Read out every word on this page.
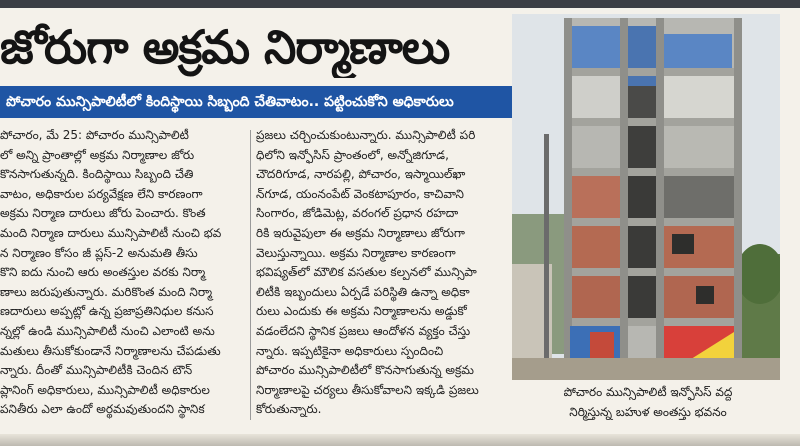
జోరుగా అక్రమ నిర్మాణాలు
పోచారం మున్సిపాలిటీలో కిందిస్థాయి సిబ్బంది చేతివాటం.. పట్టించుకోని అధికారులు

పోచారం, మే 25: పోచారం మున్సిపాలిటీ

లో అన్ని ప్రాంతాల్లో అక్రమ నిర్మాణాల జోరు

కొనసాగుతున్నది. కిందిస్థాయి సిబ్బంది చేతి

వాటం, అధికారుల పర్యవేక్షణ లేని కారణంగా

అక్రమ నిర్మాణ దారులు జోరు పెంచారు. కొంత

మంది నిర్మాణ దారులు మున్సిపాలిటీ నుంచి భవ

న నిర్మాణం కోసం జీ ప్లస్-2 అనుమతి తీసు

కొని ఐదు నుంచి ఆరు అంతస్తుల వరకు నిర్మా

ణాలు జరుపుతున్నారు. మరికొంత మంది నిర్మా

ణదారులు అప్పట్లో ఉన్న ప్రజాప్రతినిధుల కనుస

న్నల్లో ఉండి మున్సిపాలిటీ నుంచి ఎలాంటి అను

మతులు తీసుకోకుండానే నిర్మాణాలను చేపడుతు

న్నారు. దీంతో మున్సిపాలిటీకి చెందిన టౌన్

ప్లానింగ్ అధికారులు, మున్సిపాలిటీ అధికారుల

పనితీరు ఎలా ఉందో అర్థమవుతుందని స్థానిక

ప్రజలు చర్చించుకుంటున్నారు. మున్సిపాలిటీ పరి

ధిలోని ఇన్ఫోసిస్ ప్రాంతంలో, అన్నోజిగూడ,

చౌదరిగూడ, నారపల్లి, పోచారం, ఇస్మాయిల్‌ఖా

న్‌గూడ, యంనంపేట్ వెంకటాపూరం, కాచివాని

సింగారం, జోడిమెట్ల, వరంగల్ ప్రధాన రహదా

రికి ఇరువైపులా ఈ అక్రమ నిర్మాణాలు జోరుగా

వెలుస్తున్నాయి. అక్రమ నిర్మాణాల కారణంగా

భవిష్యత్‌లో మౌలిక వసతుల కల్పనలో మున్సిపా

లిటీకి ఇబ్బందులు ఏర్పడే పరిస్థితి ఉన్నా అధికా

రులు ఎందుకు ఈ అక్రమ నిర్మాణాలను అడ్డుకో

వడంలేదని స్థానిక ప్రజలు ఆందోళన వ్యక్తం చేస్తు

న్నారు. ఇప్పటికైనా అధికారులు స్పందించి

పోచారం మున్సిపాలిటీలో కొనసాగుతున్న అక్రమ

నిర్మాణాలపై చర్యలు తీసుకోవాలని ఇక్కడి ప్రజలు

కోరుతున్నారు.

పోచారం మున్సిపాలిటీ ఇన్ఫోసిస్ వద్ద

నిర్మిస్తున్న బహుళ అంతస్తు భవనం
